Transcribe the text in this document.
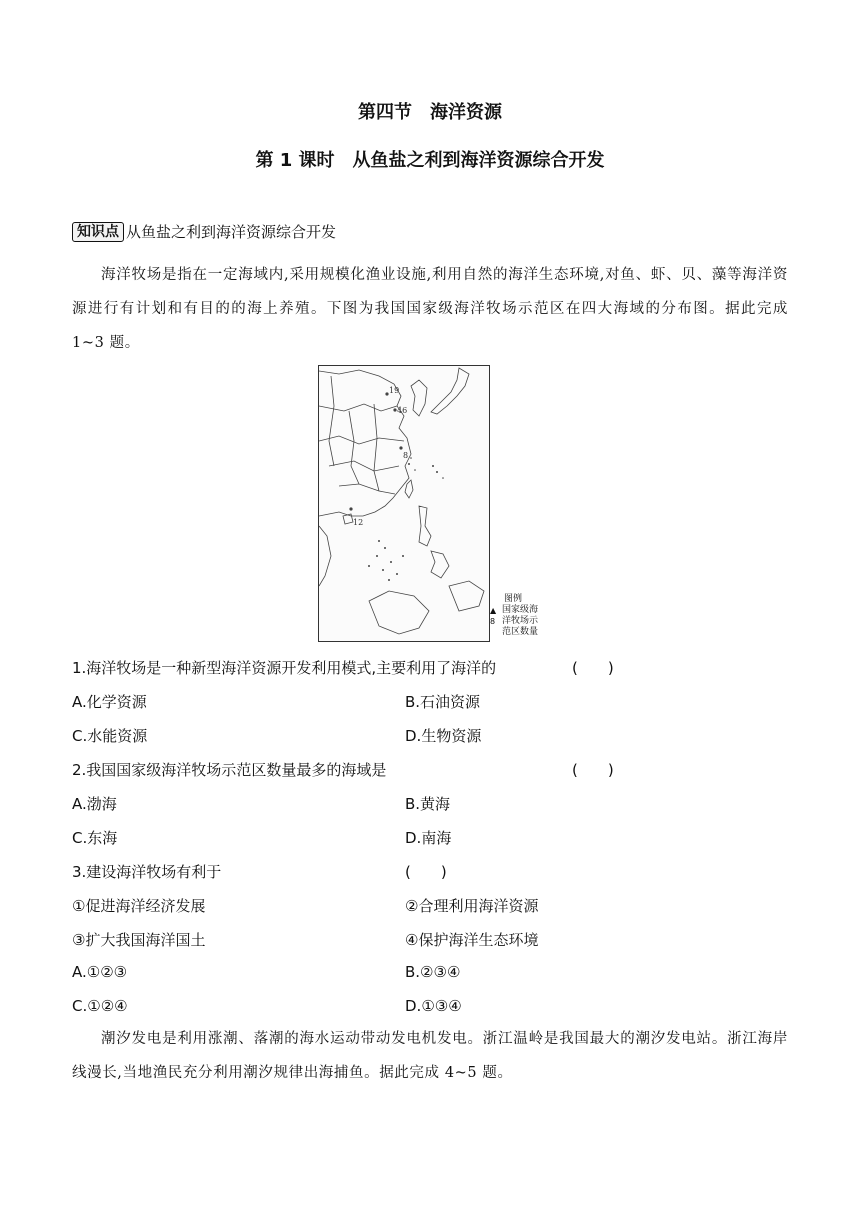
第四节　海洋资源
第 1 课时　从鱼盐之利到海洋资源综合开发
知识点 从鱼盐之利到海洋资源综合开发
海洋牧场是指在一定海域内,采用规模化渔业设施,利用自然的海洋生态环境,对鱼、虾、贝、藻等海洋资源进行有计划和有目的的海上养殖。下图为我国国家级海洋牧场示范区在四大海域的分布图。据此完成 1~3 题。
19
46
8
12
图例
▲ 国家级海
8 洋牧场示
范区数量
1.海洋牧场是一种新型海洋资源开发利用模式,主要利用了海洋的	(　　)
A.化学资源	B.石油资源
C.水能资源	D.生物资源
2.我国国家级海洋牧场示范区数量最多的海域是	(　　)
A.渤海	B.黄海
C.东海	D.南海
3.建设海洋牧场有利于	(　　)
①促进海洋经济发展	②合理利用海洋资源
③扩大我国海洋国土	④保护海洋生态环境
A.①②③	B.②③④
C.①②④	D.①③④
潮汐发电是利用涨潮、落潮的海水运动带动发电机发电。浙江温岭是我国最大的潮汐发电站。浙江海岸线漫长,当地渔民充分利用潮汐规律出海捕鱼。据此完成 4~5 题。
